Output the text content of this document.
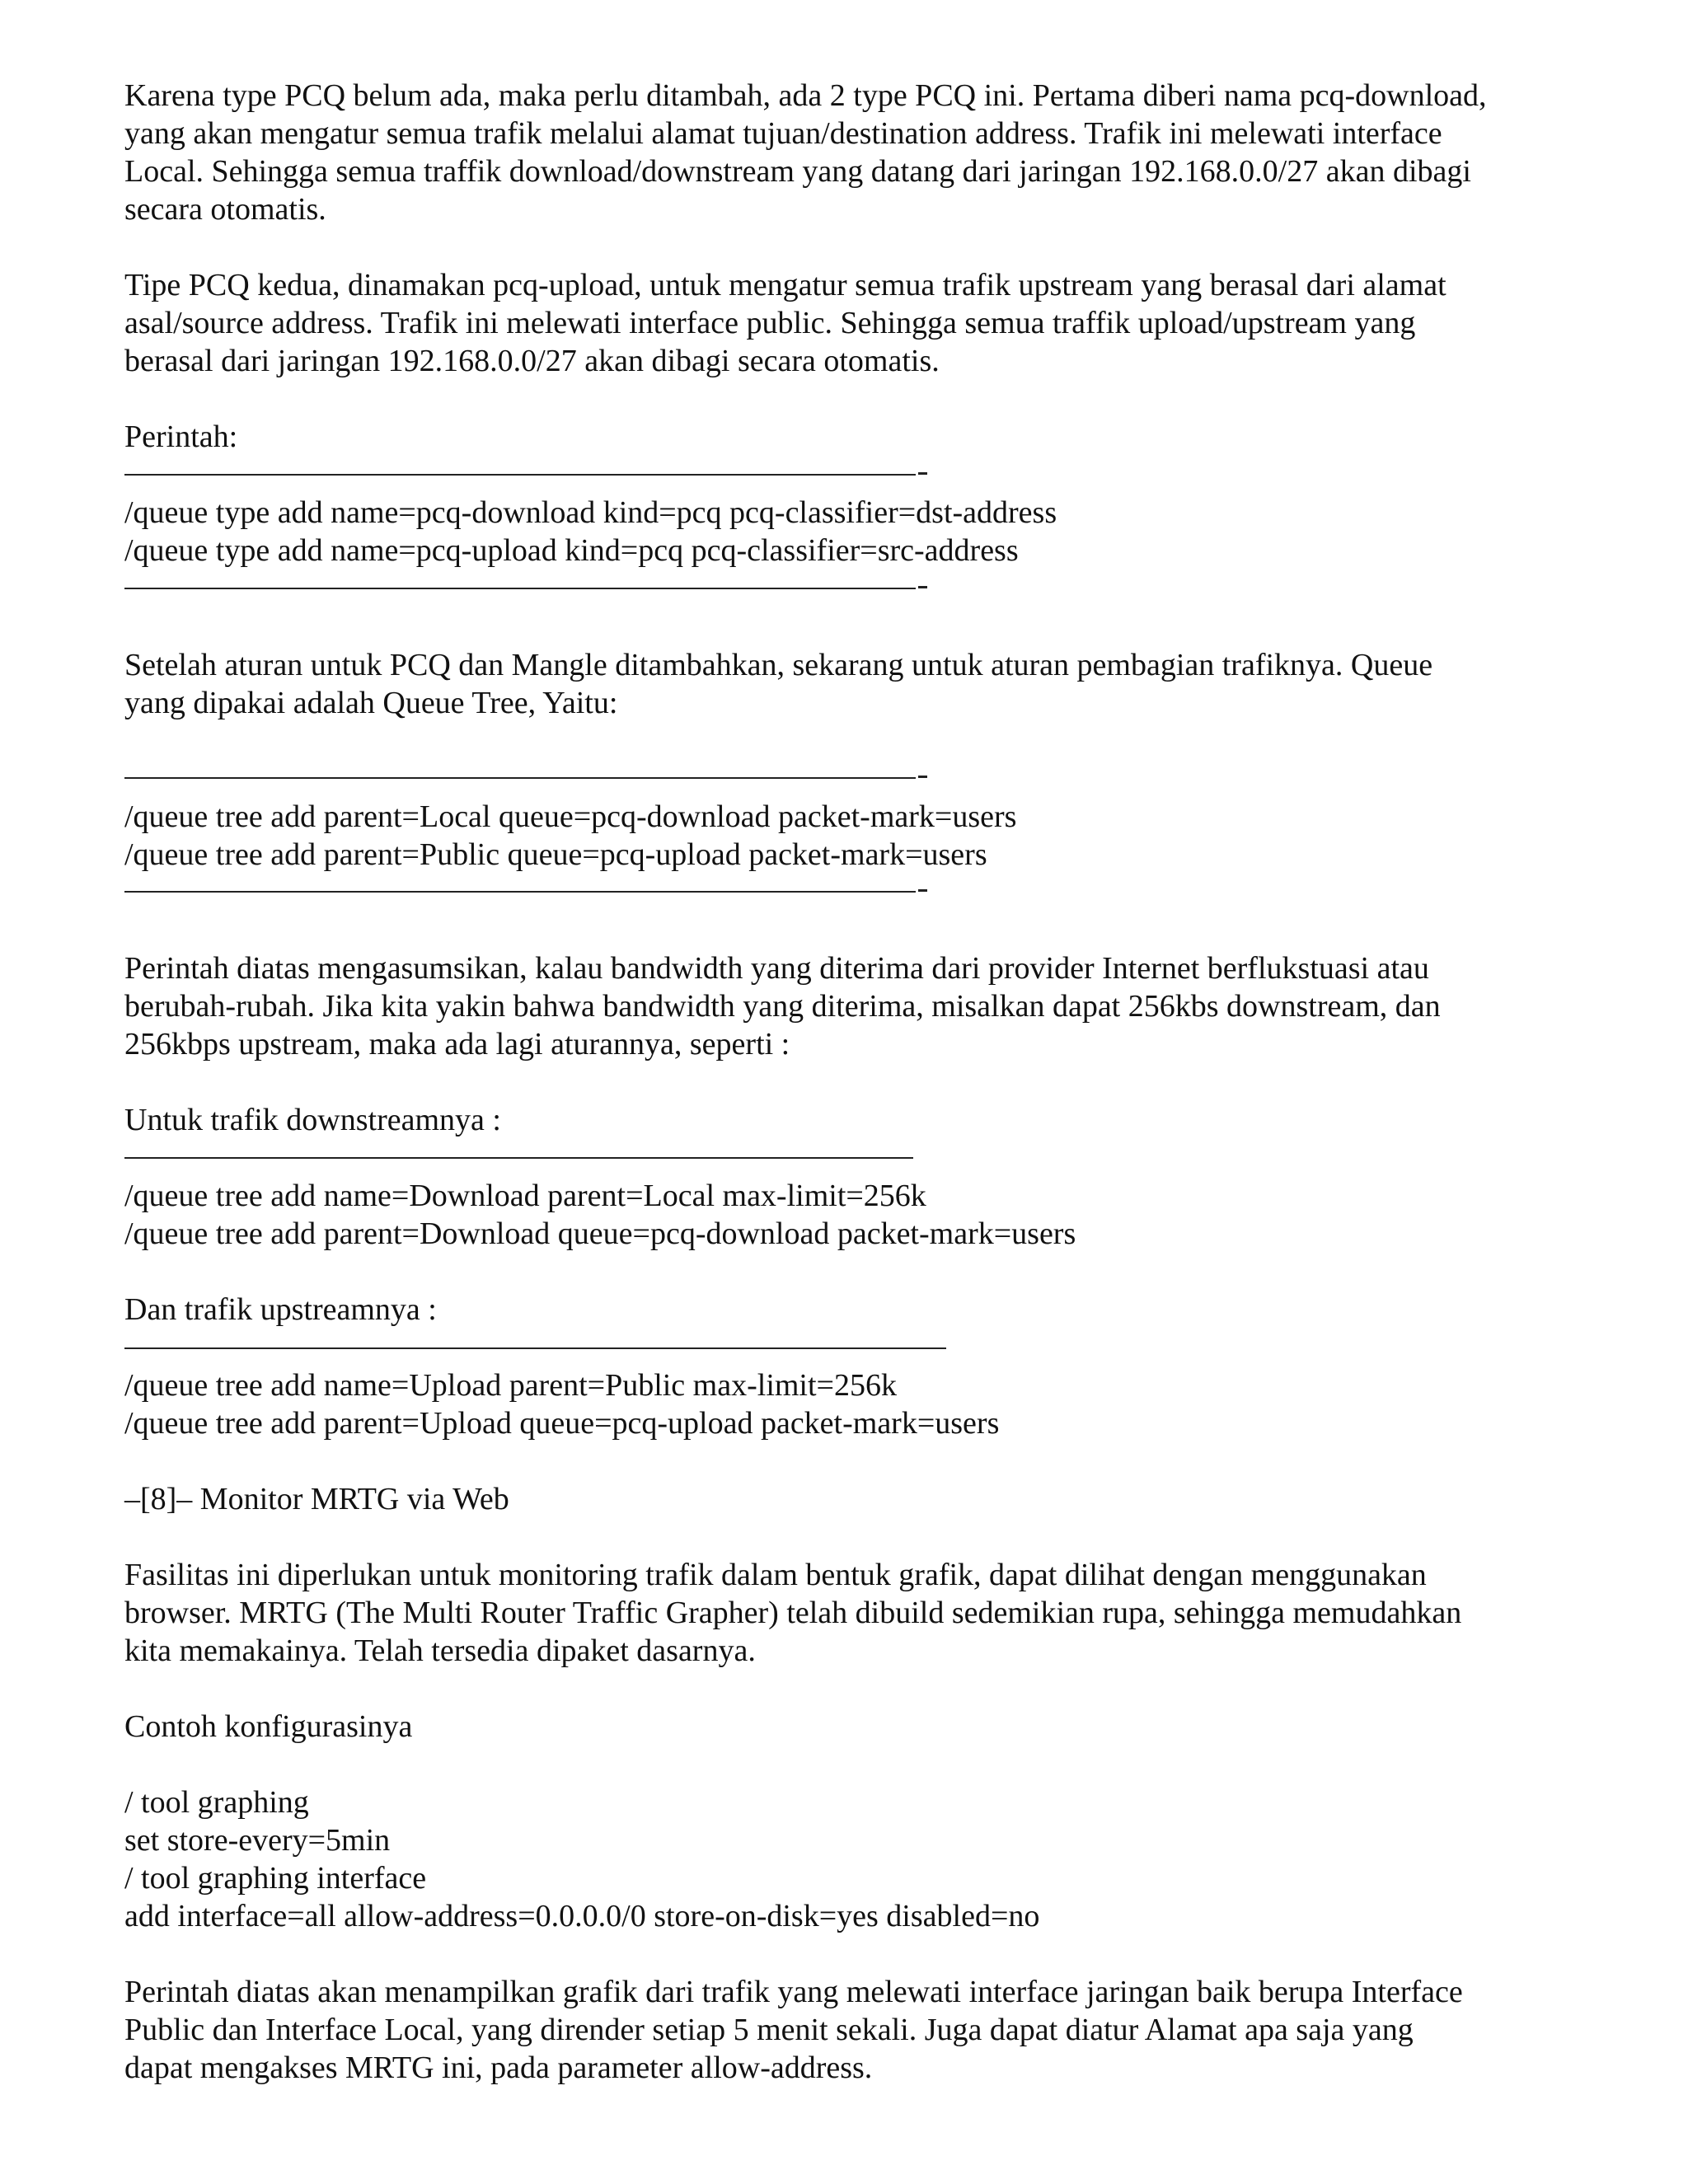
Karena type PCQ belum ada, maka perlu ditambah, ada 2 type PCQ ini. Pertama diberi nama pcq-download,
yang akan mengatur semua trafik melalui alamat tujuan/destination address. Trafik ini melewati interface
Local. Sehingga semua traffik download/downstream yang datang dari jaringan 192.168.0.0/27 akan dibagi
secara otomatis.
Tipe PCQ kedua, dinamakan pcq-upload, untuk mengatur semua trafik upstream yang berasal dari alamat
asal/source address. Trafik ini melewati interface public. Sehingga semua traffik upload/upstream yang
berasal dari jaringan 192.168.0.0/27 akan dibagi secara otomatis.
Perintah:
/queue type add name=pcq-download kind=pcq pcq-classifier=dst-address
/queue type add name=pcq-upload kind=pcq pcq-classifier=src-address
Setelah aturan untuk PCQ dan Mangle ditambahkan, sekarang untuk aturan pembagian trafiknya. Queue
yang dipakai adalah Queue Tree, Yaitu:
/queue tree add parent=Local queue=pcq-download packet-mark=users
/queue tree add parent=Public queue=pcq-upload packet-mark=users
Perintah diatas mengasumsikan, kalau bandwidth yang diterima dari provider Internet berflukstuasi atau
berubah-rubah. Jika kita yakin bahwa bandwidth yang diterima, misalkan dapat 256kbs downstream, dan
256kbps upstream, maka ada lagi aturannya, seperti :
Untuk trafik downstreamnya :
/queue tree add name=Download parent=Local max-limit=256k
/queue tree add parent=Download queue=pcq-download packet-mark=users
Dan trafik upstreamnya :
/queue tree add name=Upload parent=Public max-limit=256k
/queue tree add parent=Upload queue=pcq-upload packet-mark=users
–[8]– Monitor MRTG via Web
Fasilitas ini diperlukan untuk monitoring trafik dalam bentuk grafik, dapat dilihat dengan menggunakan
browser. MRTG (The Multi Router Traffic Grapher) telah dibuild sedemikian rupa, sehingga memudahkan
kita memakainya. Telah tersedia dipaket dasarnya.
Contoh konfigurasinya
/ tool graphing
set store-every=5min
/ tool graphing interface
add interface=all allow-address=0.0.0.0/0 store-on-disk=yes disabled=no
Perintah diatas akan menampilkan grafik dari trafik yang melewati interface jaringan baik berupa Interface
Public dan Interface Local, yang dirender setiap 5 menit sekali. Juga dapat diatur Alamat apa saja yang
dapat mengakses MRTG ini, pada parameter allow-address.
